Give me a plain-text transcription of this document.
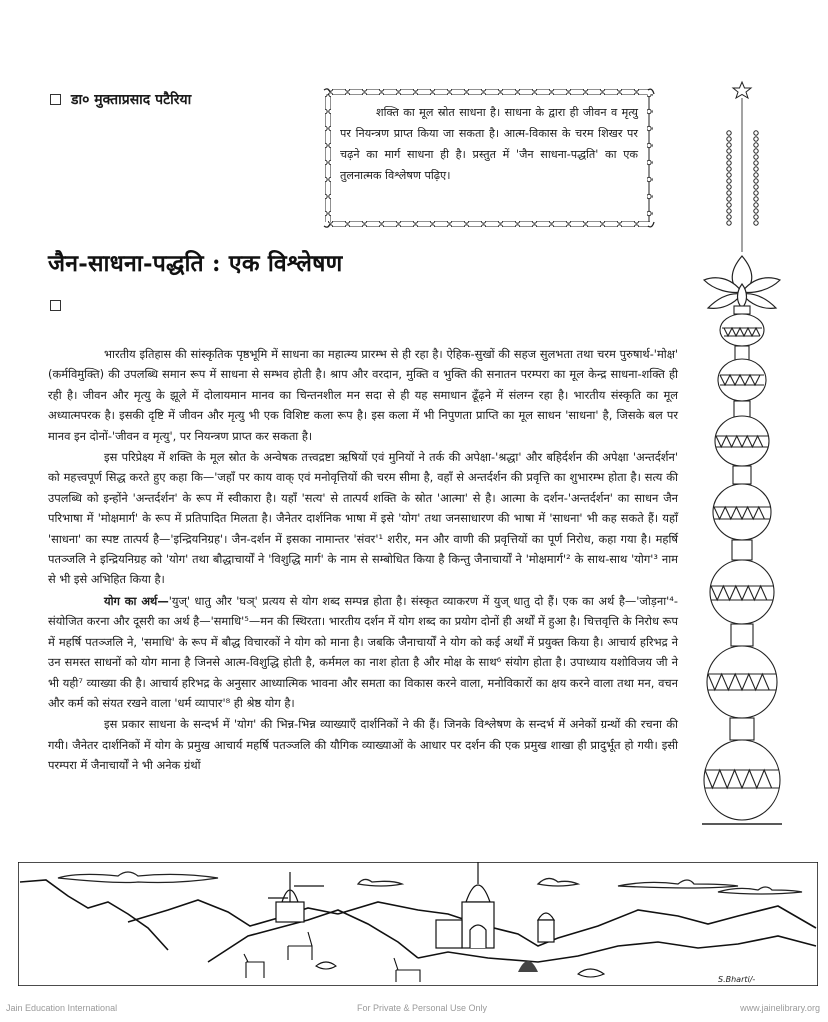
डा० मुक्ताप्रसाद पटैरिया

शक्ति का मूल स्रोत साधना है। साधना के द्वारा ही जीवन व मृत्यु पर नियन्त्रण प्राप्त किया जा सकता है। आत्म-विकास के चरम शिखर पर चढ़ने का मार्ग साधना ही है। प्रस्तुत में 'जैन साधना-पद्धति' का एक तुलनात्मक विश्लेषण पढ़िए।

जैन-साधना-पद्धति : एक विश्लेषण

भारतीय इतिहास की सांस्कृतिक पृष्ठभूमि में साधना का महात्म्य प्रारम्भ से ही रहा है। ऐहिक-सुखों की सहज सुलभता तथा चरम पुरुषार्थ-'मोक्ष' (कर्मविमुक्ति) की उपलब्धि समान रूप में साधना से सम्भव होती है। श्राप और वरदान, मुक्ति व भुक्ति की सनातन परम्परा का मूल केन्द्र साधना-शक्ति ही रही है। जीवन और मृत्यु के झूले में दोलायमान मानव का चिन्तनशील मन सदा से ही यह समाधान ढूँढ़ने में संलग्न रहा है। भारतीय संस्कृति का मूल अध्यात्मपरक है। इसकी दृष्टि में जीवन और मृत्यु भी एक विशिष्ट कला रूप है। इस कला में भी निपुणता प्राप्ति का मूल साधन 'साधना' है, जिसके बल पर मानव इन दोनों-'जीवन व मृत्यु', पर नियन्त्रण प्राप्त कर सकता है।

इस परिप्रेक्ष्य में शक्ति के मूल स्रोत के अन्वेषक तत्त्वद्रष्टा ऋषियों एवं मुनियों ने तर्क की अपेक्षा-'श्रद्धा' और बहिर्दर्शन की अपेक्षा 'अन्तर्दर्शन' को महत्त्वपूर्ण सिद्ध करते हुए कहा कि—'जहाँ पर काय वाक् एवं मनोवृत्तियों की चरम सीमा है, वहाँ से अन्तर्दर्शन की प्रवृत्ति का शुभारम्भ होता है। सत्य की उपलब्धि को इन्होंने 'अन्तर्दर्शन' के रूप में स्वीकारा है। यहाँ 'सत्य' से तात्पर्य शक्ति के स्रोत 'आत्मा' से है। आत्मा के दर्शन-'अन्तर्दर्शन' का साधन जैन परिभाषा में 'मोक्षमार्ग' के रूप में प्रतिपादित मिलता है। जैनेतर दार्शनिक भाषा में इसे 'योग' तथा जनसाधारण की भाषा में 'साधना' भी कह सकते हैं। यहाँ 'साधना' का स्पष्ट तात्पर्य है—'इन्द्रियनिग्रह'। जैन-दर्शन में इसका नामान्तर 'संवर'¹ शरीर, मन और वाणी की प्रवृत्तियों का पूर्ण निरोध, कहा गया है। महर्षि पतञ्जलि ने इन्द्रियनिग्रह को 'योग' तथा बौद्धाचार्यों ने 'विशुद्धि मार्ग' के नाम से सम्बोधित किया है किन्तु जैनाचार्यों ने 'मोक्षमार्ग'² के साथ-साथ 'योग'³ नाम से भी इसे अभिहित किया है।

योग का अर्थ—'युज्' धातु और 'घञ्' प्रत्यय से योग शब्द सम्पन्न होता है। संस्कृत व्याकरण में युज् धातु दो हैं। एक का अर्थ है—'जोड़ना'⁴-संयोजित करना और दूसरी का अर्थ है—'समाधि'⁵—मन की स्थिरता। भारतीय दर्शन में योग शब्द का प्रयोग दोनों ही अर्थों में हुआ है। चित्तवृत्ति के निरोध रूप में महर्षि पतञ्जलि ने, 'समाधि' के रूप में बौद्ध विचारकों ने योग को माना है। जबकि जैनाचार्यों ने योग को कई अर्थों में प्रयुक्त किया है। आचार्य हरिभद्र ने उन समस्त साधनों को योग माना है जिनसे आत्म-विशुद्धि होती है, कर्ममल का नाश होता है और मोक्ष के साथ⁶ संयोग होता है। उपाध्याय यशोविजय जी ने भी यही⁷ व्याख्या की है। आचार्य हरिभद्र के अनुसार आध्यात्मिक भावना और समता का विकास करने वाला, मनोविकारों का क्षय करने वाला तथा मन, वचन और कर्म को संयत रखने वाला 'धर्म व्यापार'⁸ ही श्रेष्ठ योग है।

इस प्रकार साधना के सन्दर्भ में 'योग' की भिन्न-भिन्न व्याख्याएँ दार्शनिकों ने की हैं। जिनके विश्लेषण के सन्दर्भ में अनेकों ग्रन्थों की रचना की गयी। जैनेतर दार्शनिकों में योग के प्रमुख आचार्य महर्षि पतञ्जलि की यौगिक व्याख्याओं के आधार पर दर्शन की एक प्रमुख शाखा ही प्रादुर्भूत हो गयी। इसी परम्परा में जैनाचार्यों ने भी अनेक ग्रंथों

S.Bharti/-
Jain Education International	For Private & Personal Use Only	www.jainelibrary.org
